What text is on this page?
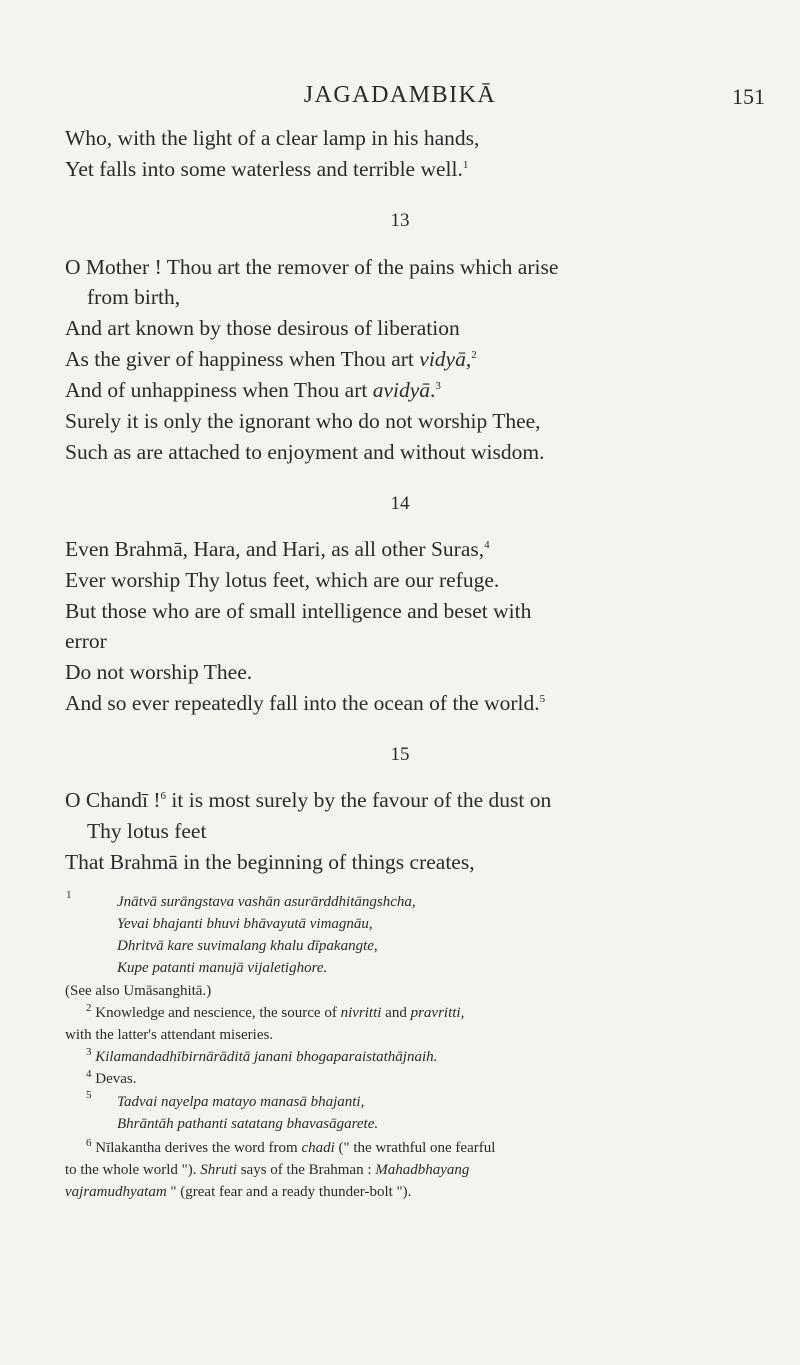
JAGADAMBIKĀ	151
Who, with the light of a clear lamp in his hands,
Yet falls into some waterless and terrible well.$^1$
13
O Mother ! Thou art the remover of the pains which arise
from birth,
And art known by those desirous of liberation
As the giver of happiness when Thou art vidyā,$^2$
And of unhappiness when Thou art avidyā.$^3$
Surely it is only the ignorant who do not worship Thee,
Such as are attached to enjoyment and without wisdom.
14
Even Brahmā, Hara, and Hari, as all other Suras,$^4$
Ever worship Thy lotus feet, which are our refuge.
But those who are of small intelligence and beset with
error
Do not worship Thee.
And so ever repeatedly fall into the ocean of the world.$^5$
15
O Chandī !$^6$ it is most surely by the favour of the dust on
Thy lotus feet
That Brahmā in the beginning of things creates,
$^1$	Jnātvā surāngstava vashān asurārddhitāngshcha,
Yevai bhajanti bhuvi bhāvayutā vimagnāu,
Dhritvā kare suvimalang khalu dīpakangte,
Kupe patanti manujā vijaletighore.
(See also Umāsanghitā.)
$^2$ Knowledge and nescience, the source of nivritti and pravritti,
with the latter's attendant miseries.
$^3$ Kilamandadhībirnārāditā janani bhogaparaistathājnaih.
$^4$ Devas.
$^5$ Tadvai nayelpa matayo manasā bhajanti,
Bhrāntāh pathanti satatang bhavasāgarete.
$^6$ Nīlakantha derives the word from chadi (" the wrathful one fearful
to the whole world "). Shruti says of the Brahman : Mahadbhayang
vajramudhyatam " (great fear and a ready thunder-bolt ").
